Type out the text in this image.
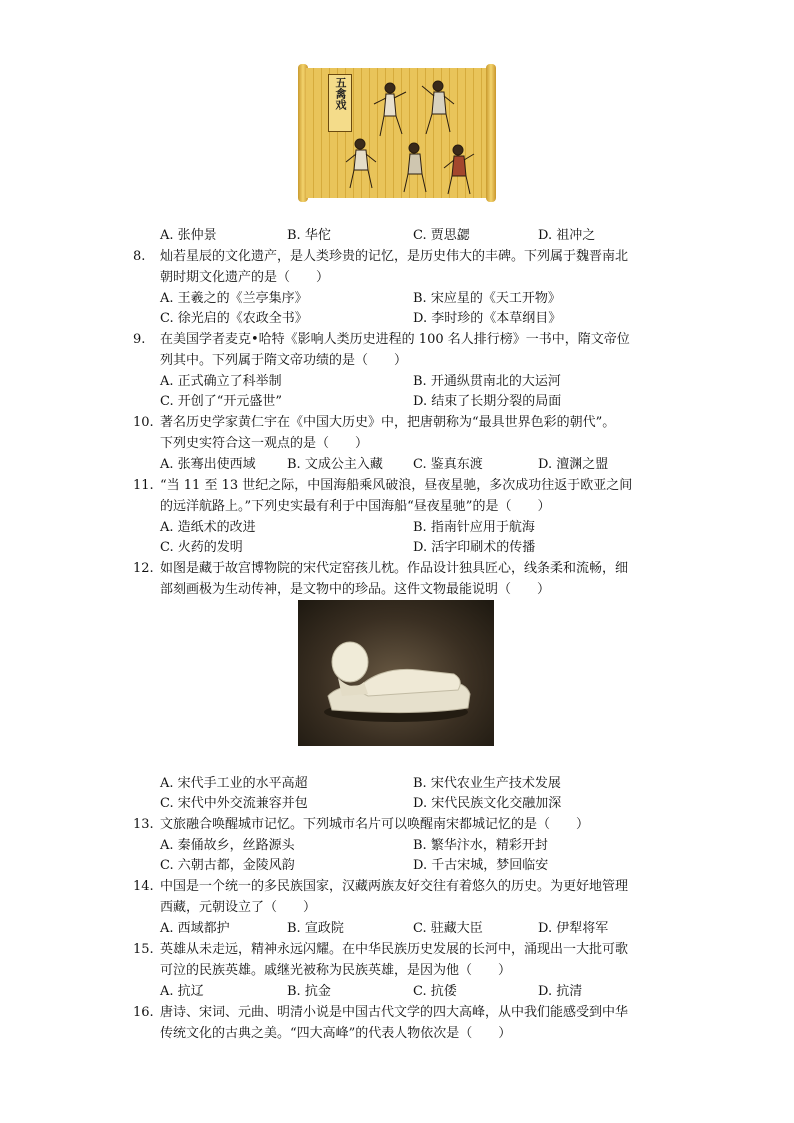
五禽戏
A. 张仲景	B. 华佗	C. 贾思勰	D. 祖冲之
8. 灿若星辰的文化遗产，是人类珍贵的记忆，是历史伟大的丰碑。下列属于魏晋南北
朝时期文化遗产的是（　　）
A. 王羲之的《兰亭集序》	B. 宋应星的《天工开物》
C. 徐光启的《农政全书》	D. 李时珍的《本草纲目》
9. 在美国学者麦克•哈特《影响人类历史进程的 100 名人排行榜》一书中，隋文帝位
列其中。下列属于隋文帝功绩的是（　　）
A. 正式确立了科举制	B. 开通纵贯南北的大运河
C. 开创了“开元盛世”	D. 结束了长期分裂的局面
10. 著名历史学家黄仁宇在《中国大历史》中，把唐朝称为“最具世界色彩的朝代”。
下列史实符合这一观点的是（　　）
A. 张骞出使西域 B. 文成公主入藏 C. 鉴真东渡	D. 澶渊之盟
11. “当 11 至 13 世纪之际，中国海船乘风破浪，昼夜星驰，多次成功往返于欧亚之间
的远洋航路上。”下列史实最有利于中国海船“昼夜星驰”的是（　　）
A. 造纸术的改进	B. 指南针应用于航海
C. 火药的发明	D. 活字印刷术的传播
12. 如图是藏于故宫博物院的宋代定窑孩儿枕。作品设计独具匠心，线条柔和流畅，细
部刻画极为生动传神，是文物中的珍品。这件文物最能说明（　　）
A. 宋代手工业的水平高超	B. 宋代农业生产技术发展
C. 宋代中外交流兼容并包	D. 宋代民族文化交融加深
13. 文旅融合唤醒城市记忆。下列城市名片可以唤醒南宋都城记忆的是（　　）
A. 秦俑故乡，丝路源头	B. 繁华汴水，精彩开封
C. 六朝古都，金陵风韵	D. 千古宋城，梦回临安
14. 中国是一个统一的多民族国家，汉藏两族友好交往有着悠久的历史。为更好地管理
西藏，元朝设立了（　　）
A. 西域都护	B. 宣政院	C. 驻藏大臣	D. 伊犁将军
15. 英雄从未走远，精神永远闪耀。在中华民族历史发展的长河中，涌现出一大批可歌
可泣的民族英雄。戚继光被称为民族英雄，是因为他（　　）
A. 抗辽	B. 抗金	C. 抗倭	D. 抗清
16. 唐诗、宋词、元曲、明清小说是中国古代文学的四大高峰，从中我们能感受到中华
传统文化的古典之美。“四大高峰”的代表人物依次是（　　）
